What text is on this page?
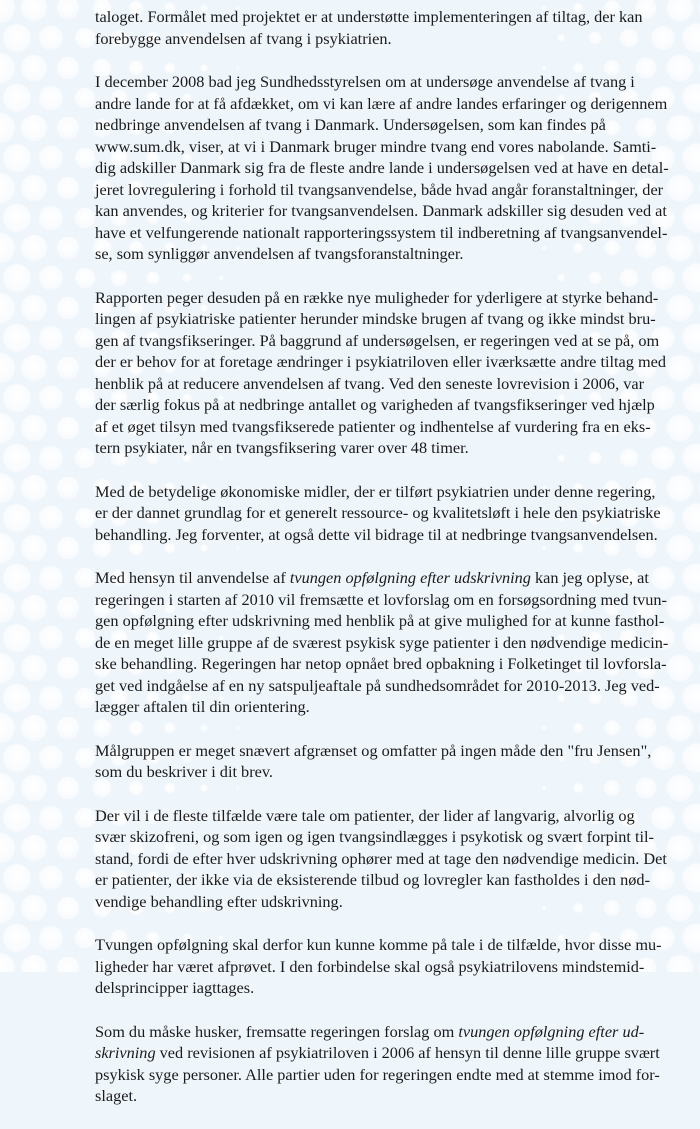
taloget. Formålet med projektet er at understøtte implementeringen af tiltag, der kan
forebygge anvendelsen af tvang i psykiatrien.
I december 2008 bad jeg Sundhedsstyrelsen om at undersøge anvendelse af tvang i
andre lande for at få afdækket, om vi kan lære af andre landes erfaringer og derigennem
nedbringe anvendelsen af tvang i Danmark. Undersøgelsen, som kan findes på
www.sum.dk, viser, at vi i Danmark bruger mindre tvang end vores nabolande. Samti-
dig adskiller Danmark sig fra de fleste andre lande i undersøgelsen ved at have en detal-
jeret lovregulering i forhold til tvangsanvendelse, både hvad angår foranstaltninger, der
kan anvendes, og kriterier for tvangsanvendelsen. Danmark adskiller sig desuden ved at
have et velfungerende nationalt rapporteringssystem til indberetning af tvangsanvendel-
se, som synliggør anvendelsen af tvangsforanstaltninger.
Rapporten peger desuden på en række nye muligheder for yderligere at styrke behand-
lingen af psykiatriske patienter herunder mindske brugen af tvang og ikke mindst bru-
gen af tvangsfikseringer. På baggrund af undersøgelsen, er regeringen ved at se på, om
der er behov for at foretage ændringer i psykiatriloven eller iværksætte andre tiltag med
henblik på at reducere anvendelsen af tvang. Ved den seneste lovrevision i 2006, var
der særlig fokus på at nedbringe antallet og varigheden af tvangsfikseringer ved hjælp
af et øget tilsyn med tvangsfikserede patienter og indhentelse af vurdering fra en eks-
tern psykiater, når en tvangsfiksering varer over 48 timer.
Med de betydelige økonomiske midler, der er tilført psykiatrien under denne regering,
er der dannet grundlag for et generelt ressource- og kvalitetsløft i hele den psykiatriske
behandling. Jeg forventer, at også dette vil bidrage til at nedbringe tvangsanvendelsen.
Med hensyn til anvendelse af tvungen opfølgning efter udskrivning kan jeg oplyse, at
regeringen i starten af 2010 vil fremsætte et lovforslag om en forsøgsordning med tvun-
gen opfølgning efter udskrivning med henblik på at give mulighed for at kunne fasthol-
de en meget lille gruppe af de sværest psykisk syge patienter i den nødvendige medicin-
ske behandling. Regeringen har netop opnået bred opbakning i Folketinget til lovforsla-
get ved indgåelse af en ny satspuljeaftale på sundhedsområdet for 2010-2013. Jeg ved-
lægger aftalen til din orientering.
Målgruppen er meget snævert afgrænset og omfatter på ingen måde den "fru Jensen",
som du beskriver i dit brev.
Der vil i de fleste tilfælde være tale om patienter, der lider af langvarig, alvorlig og
svær skizofreni, og som igen og igen tvangsindlægges i psykotisk og svært forpint til-
stand, fordi de efter hver udskrivning ophører med at tage den nødvendige medicin. Det
er patienter, der ikke via de eksisterende tilbud og lovregler kan fastholdes i den nød-
vendige behandling efter udskrivning.
Tvungen opfølgning skal derfor kun kunne komme på tale i de tilfælde, hvor disse mu-
ligheder har været afprøvet. I den forbindelse skal også psykiatrilovens mindstemid-
delsprincipper iagttages.
Som du måske husker, fremsatte regeringen forslag om tvungen opfølgning efter ud-
skrivning ved revisionen af psykiatriloven i 2006 af hensyn til denne lille gruppe svært
psykisk syge personer. Alle partier uden for regeringen endte med at stemme imod for-
slaget.
